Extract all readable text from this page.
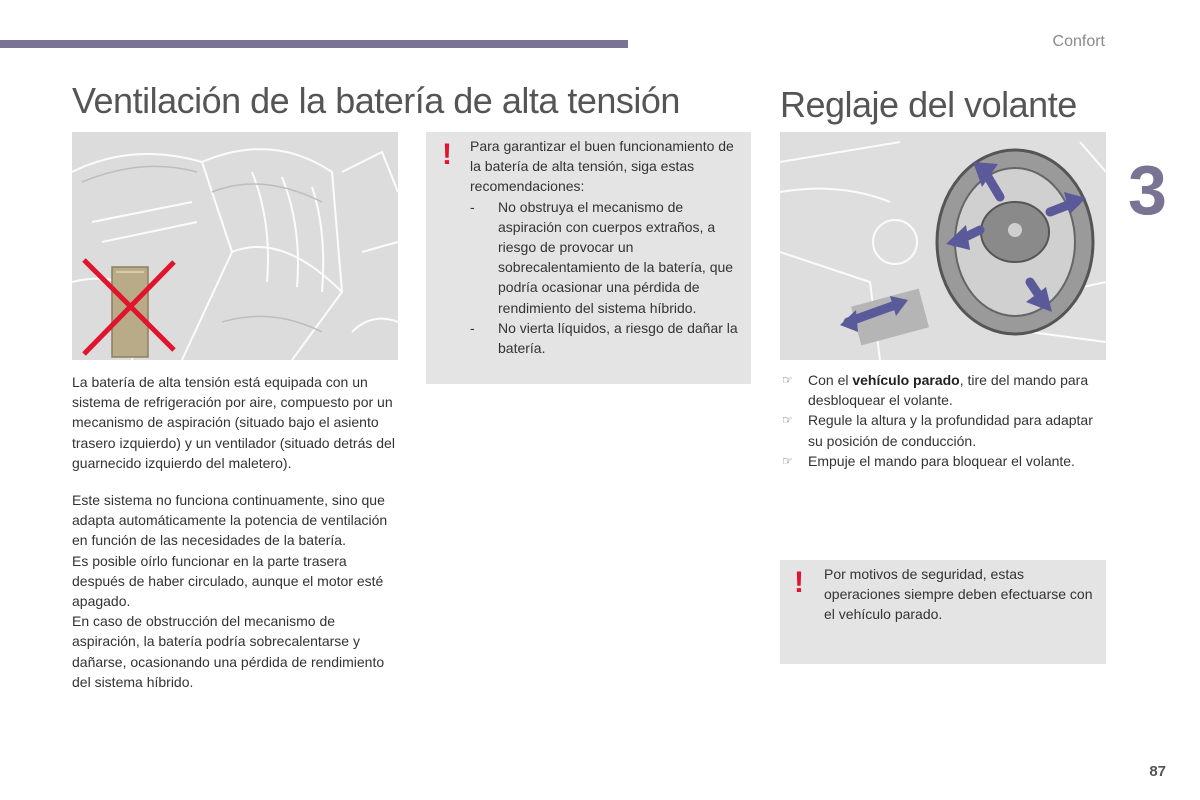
Confort
3
Ventilación de la batería de alta tensión	Reglaje del volante

La batería de alta tensión está equipada con un sistema de refrigeración por aire, compuesto por un mecanismo de aspiración (situado bajo el asiento trasero izquierdo) y un ventilador (situado detrás del guarnecido izquierdo del maletero).

Este sistema no funciona continuamente, sino que adapta automáticamente la potencia de ventilación en función de las necesidades de la batería.

Es posible oírlo funcionar en la parte trasera después de haber circulado, aunque el motor esté apagado.

En caso de obstrucción del mecanismo de aspiración, la batería podría sobrecalentarse y dañarse, ocasionando una pérdida de rendimiento del sistema híbrido.

! Para garantizar el buen funcionamiento de la batería de alta tensión, siga estas recomendaciones:
- No obstruya el mecanismo de aspiración con cuerpos extraños, a riesgo de provocar un sobrecalentamiento de la batería, que podría ocasionar una pérdida de rendimiento del sistema híbrido.
- No vierta líquidos, a riesgo de dañar la batería.
☞ Con el vehículo parado, tire del mando para desbloquear el volante.
☞ Regule la altura y la profundidad para adaptar su posición de conducción.
☞ Empuje el mando para bloquear el volante.
! Por motivos de seguridad, estas operaciones siempre deben efectuarse con el vehículo parado.
87
